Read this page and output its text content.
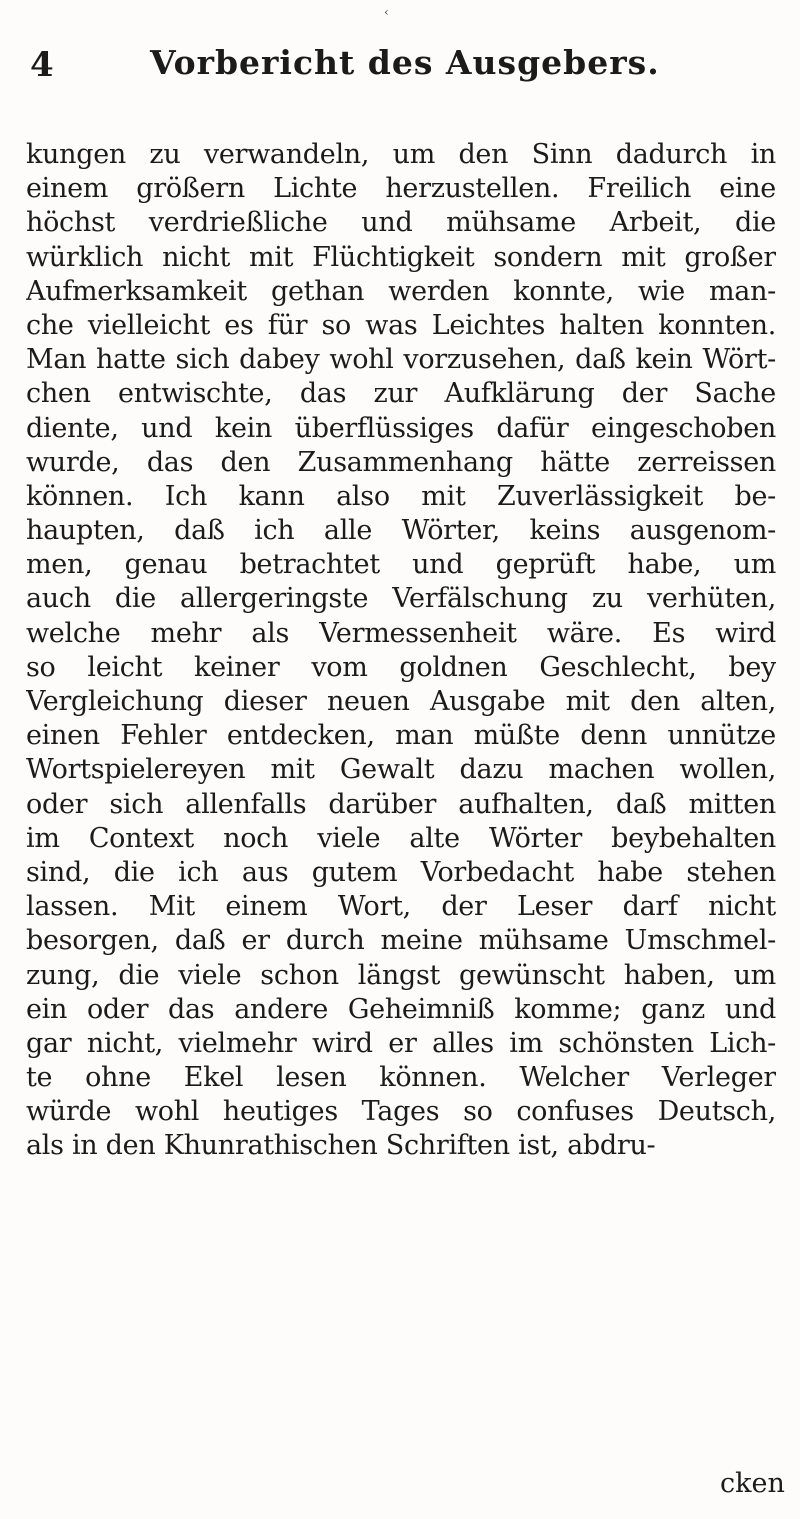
‹
4	Vorbericht des Ausgebers.
kungen zu verwandeln, um den Sinn dadurch in
einem größern Lichte herzustellen. Freilich eine
höchst verdrießliche und mühsame Arbeit, die
würklich nicht mit Flüchtigkeit sondern mit großer
Aufmerksamkeit gethan werden konnte, wie man-
che vielleicht es für so was Leichtes halten konnten.
Man hatte sich dabey wohl vorzusehen, daß kein Wört-
chen entwischte, das zur Aufklärung der Sache
diente, und kein überflüssiges dafür eingeschoben
wurde, das den Zusammenhang hätte zerreissen
können. Ich kann also mit Zuverlässigkeit be-
haupten, daß ich alle Wörter, keins ausgenom-
men, genau betrachtet und geprüft habe, um
auch die allergeringste Verfälschung zu verhüten,
welche mehr als Vermessenheit wäre. Es wird
so leicht keiner vom goldnen Geschlecht, bey
Vergleichung dieser neuen Ausgabe mit den alten,
einen Fehler entdecken, man müßte denn unnütze
Wortspielereyen mit Gewalt dazu machen wollen,
oder sich allenfalls darüber aufhalten, daß mitten
im Context noch viele alte Wörter beybehalten
sind, die ich aus gutem Vorbedacht habe stehen
lassen. Mit einem Wort, der Leser darf nicht
besorgen, daß er durch meine mühsame Umschmel-
zung, die viele schon längst gewünscht haben, um
ein oder das andere Geheimniß komme; ganz und
gar nicht, vielmehr wird er alles im schönsten Lich-
te ohne Ekel lesen können. Welcher Verleger
würde wohl heutiges Tages so confuses Deutsch,
als in den Khunrathischen Schriften ist, abdru-
cken
